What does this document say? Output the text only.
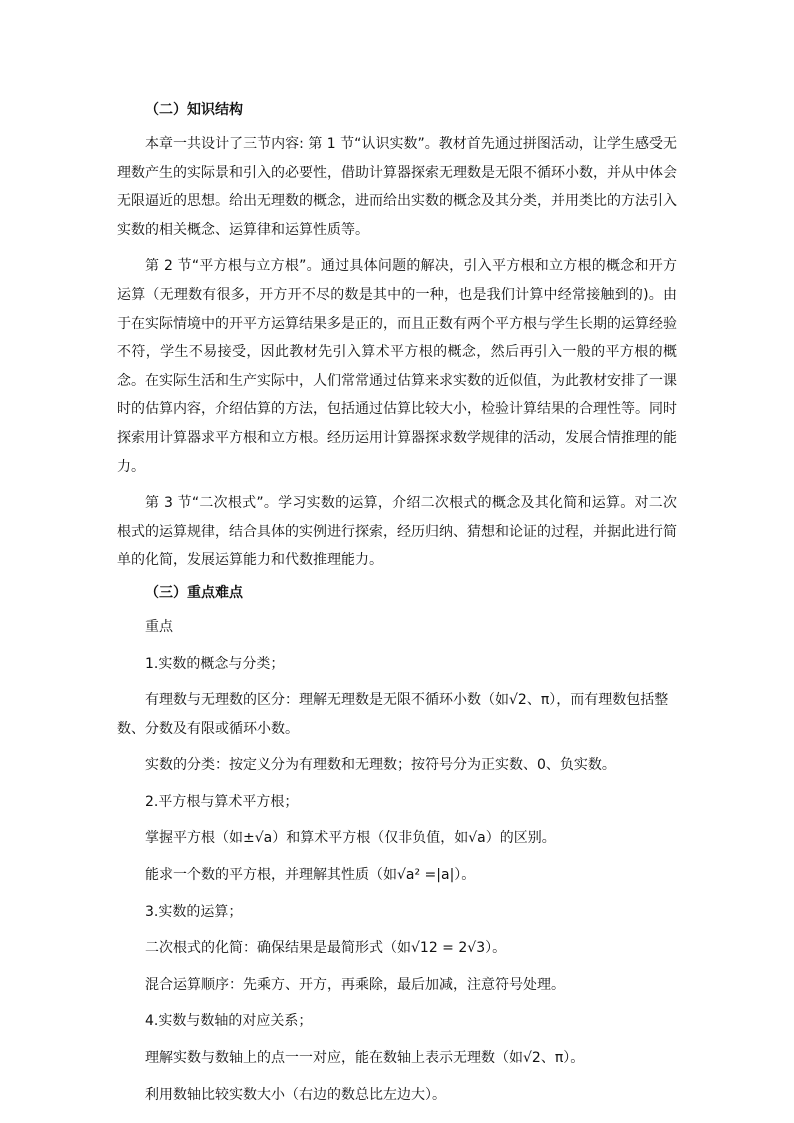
（二）知识结构

本章一共设计了三节内容: 第 1 节“认识实数”。教材首先通过拼图活动，让学生感受无理数产生的实际景和引入的必要性，借助计算器探索无理数是无限不循环小数，并从中体会无限逼近的思想。给出无理数的概念，进而给出实数的概念及其分类，并用类比的方法引入实数的相关概念、运算律和运算性质等。

第 2 节“平方根与立方根”。通过具体问题的解决，引入平方根和立方根的概念和开方运算（无理数有很多，开方开不尽的数是其中的一种，也是我们计算中经常接触到的)。由于在实际情境中的开平方运算结果多是正的，而且正数有两个平方根与学生长期的运算经验不符，学生不易接受，因此教材先引入算术平方根的概念，然后再引入一般的平方根的概念。在实际生活和生产实际中，人们常常通过估算来求实数的近似值，为此教材安排了一课时的估算内容，介绍估算的方法，包括通过估算比较大小，检验计算结果的合理性等。同时探索用计算器求平方根和立方根。经历运用计算器探求数学规律的活动，发展合情推理的能力。

第 3 节“二次根式”。学习实数的运算，介绍二次根式的概念及其化简和运算。对二次根式的运算规律，结合具体的实例进行探索，经历归纳、猜想和论证的过程，并据此进行简单的化简，发展运算能力和代数推理能力。

（三）重点难点

重点

1.实数的概念与分类；

有理数与无理数的区分：理解无理数是无限不循环小数（如√2、π），而有理数包括整数、分数及有限或循环小数。

实数的分类：按定义分为有理数和无理数；按符号分为正实数、0、负实数。

2.平方根与算术平方根；

掌握平方根（如±√a）和算术平方根（仅非负值，如√a）的区别。

能求一个数的平方根，并理解其性质（如√a² =|a|）。

3.实数的运算；

二次根式的化简：确保结果是最简形式（如√12 = 2√3）。

混合运算顺序：先乘方、开方，再乘除，最后加减，注意符号处理。

4.实数与数轴的对应关系；

理解实数与数轴上的点一一对应，能在数轴上表示无理数（如√2、π）。

利用数轴比较实数大小（右边的数总比左边大）。
